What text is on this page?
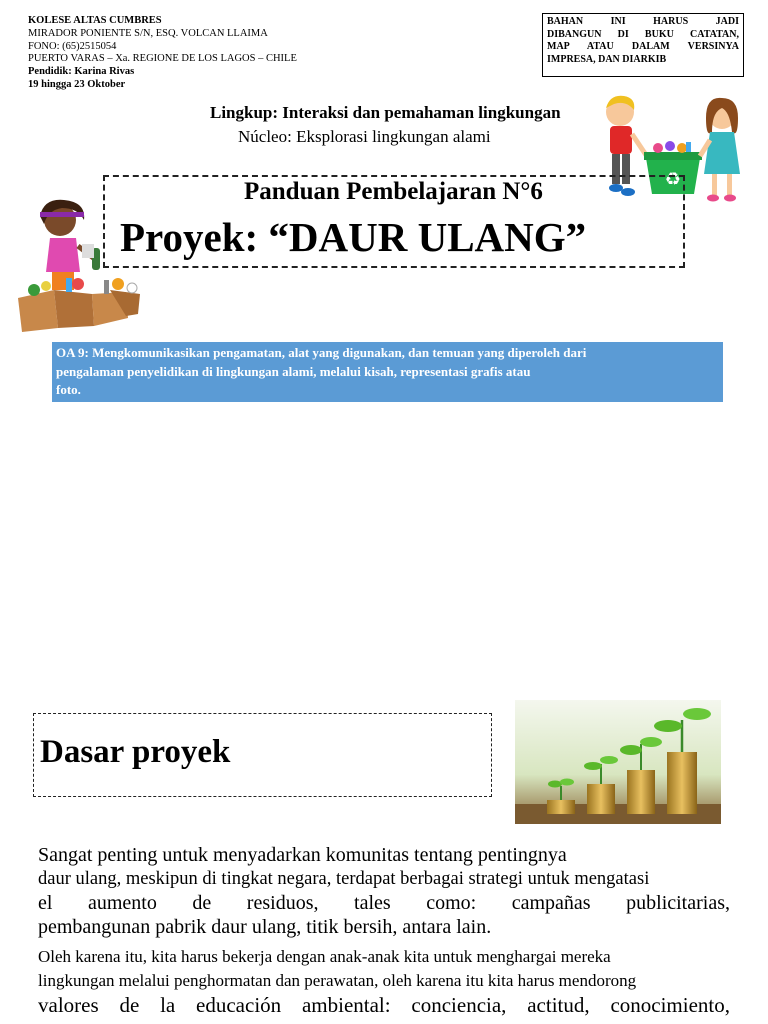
KOLESE ALTAS CUMBRES
MIRADOR PONIENTE S/N, ESQ. VOLCAN LLAIMA
FONO: (65)2515054
PUERTO VARAS – Xa. REGIONE DE LOS LAGOS – CHILE
Pendidik: Karina Rivas
19 hingga 23 Oktober
BAHAN INI HARUS JADI
DIBANGUN DI BUKU CATATAN,
MAP ATAU DALAM VERSINYA
IMPRESA, DAN DIARKIB
Lingkup: Interaksi dan pemahaman lingkungan
Núcleo: Eksplorasi lingkungan alami
♻
Panduan Pembelajaran N°6
Proyek: “DAUR ULANG”
OA 9: Mengkomunikasikan pengamatan, alat yang digunakan, dan temuan yang diperoleh dari
pengalaman penyelidikan di lingkungan alami, melalui kisah, representasi grafis atau
foto.
Dasar proyek
Sangat penting untuk menyadarkan komunitas tentang pentingnya
daur ulang, meskipun di tingkat negara, terdapat berbagai strategi untuk mengatasi
el aumento de residuos, tales como: campañas publicitarias,
pembangunan pabrik daur ulang, titik bersih, antara lain.
Oleh karena itu, kita harus bekerja dengan anak-anak kita untuk menghargai mereka
lingkungan melalui penghormatan dan perawatan, oleh karena itu kita harus mendorong
valores de la educación ambiental: conciencia, actitud, conocimiento,
